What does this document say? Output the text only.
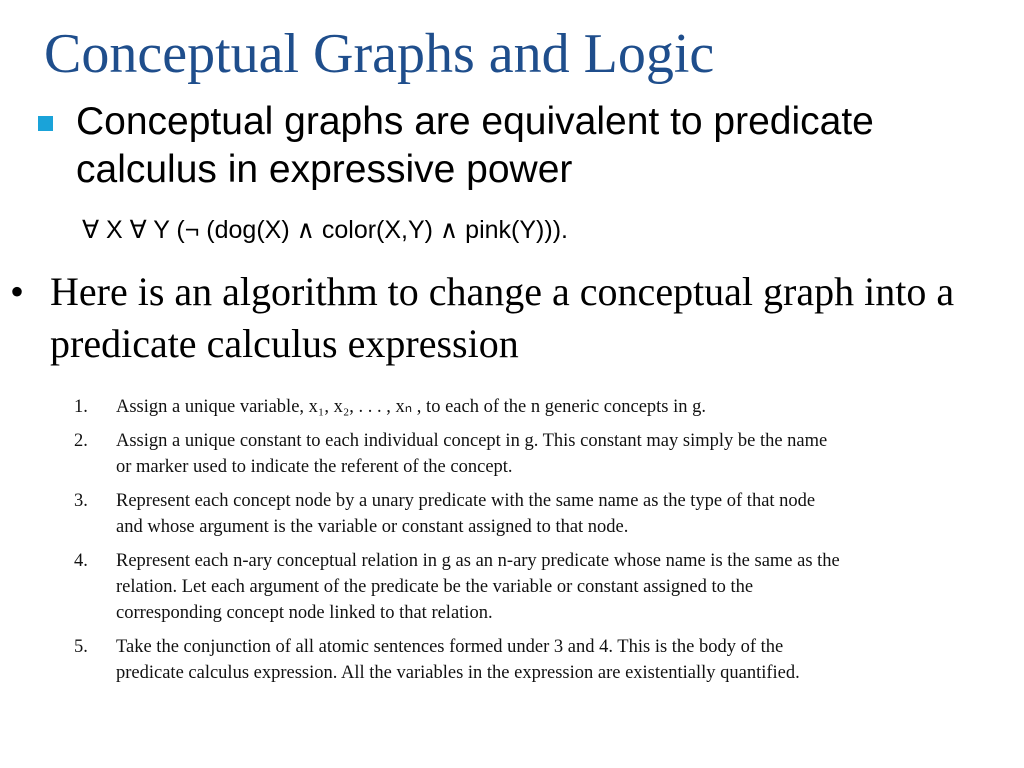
Conceptual Graphs and Logic
Conceptual graphs are equivalent to predicate calculus in expressive power
∀ X ∀ Y (¬ (dog(X) ∧ color(X,Y) ∧ pink(Y))).
• Here is an algorithm to change a conceptual graph into a predicate calculus expression
1. Assign a unique variable, x₁, x₂, . . . , xₙ , to each of the n generic concepts in g.
2. Assign a unique constant to each individual concept in g. This constant may simply be the name or marker used to indicate the referent of the concept.
3. Represent each concept node by a unary predicate with the same name as the type of that node and whose argument is the variable or constant assigned to that node.
4. Represent each n-ary conceptual relation in g as an n-ary predicate whose name is the same as the relation. Let each argument of the predicate be the variable or constant assigned to the corresponding concept node linked to that relation.
5. Take the conjunction of all atomic sentences formed under 3 and 4. This is the body of the predicate calculus expression. All the variables in the expression are existentially quantified.
